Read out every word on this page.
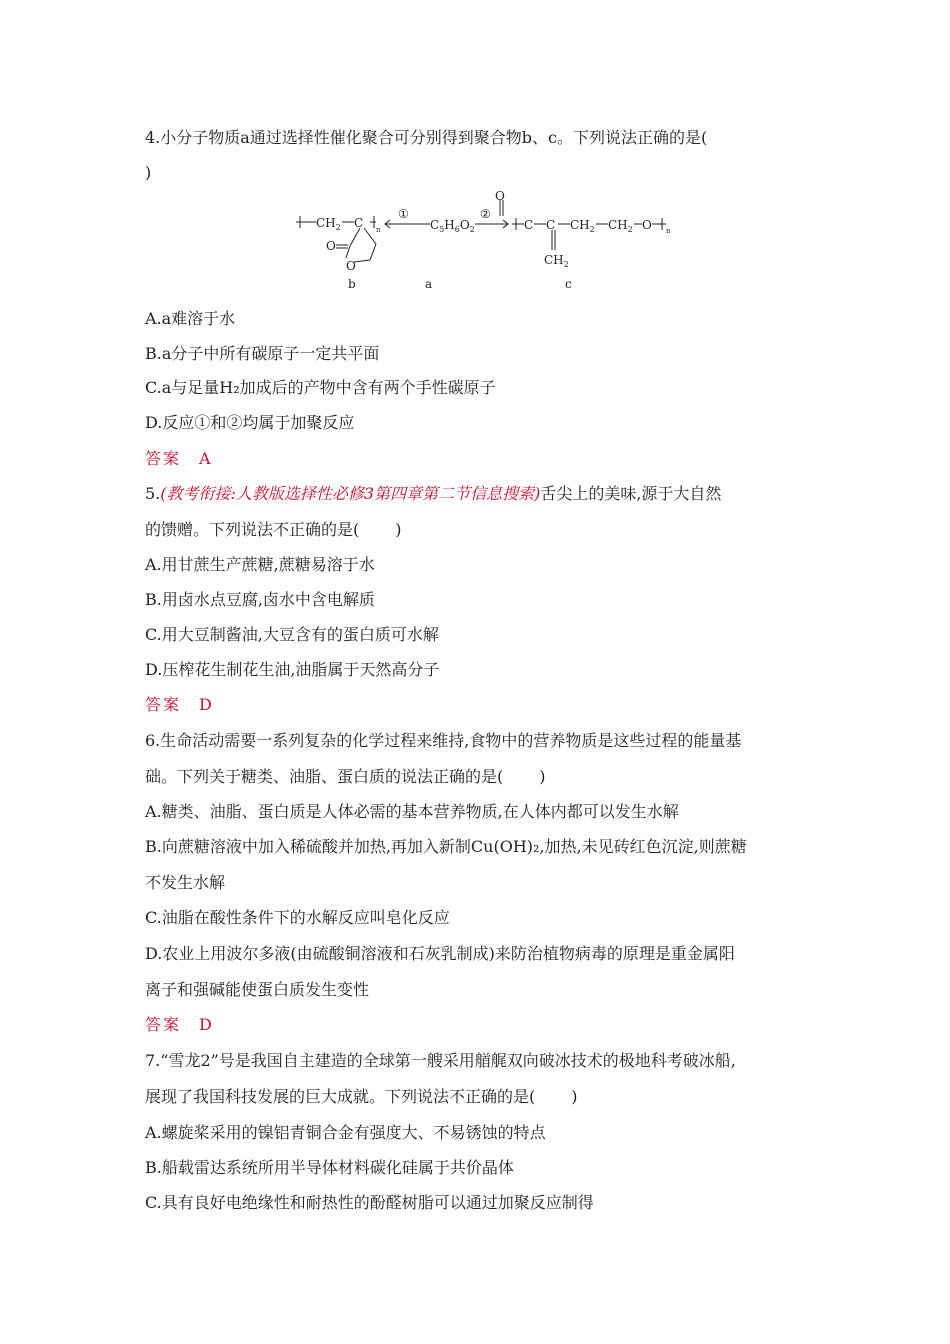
4.小分子物质a通过选择性催化聚合可分别得到聚合物b、c。下列说法正确的是(
)
$CH_2$ C n
O
O
①
$C_5H_6O_2$
②
O
C C $CH_2$ $CH_2$ O n
$CH_2$
b	a	c
A.a难溶于水
B.a分子中所有碳原子一定共平面
C.a与足量H₂加成后的产物中含有两个手性碳原子
D.反应①和②均属于加聚反应
答案 A
5.(教考衔接:人教版选择性必修3第四章第二节信息搜索)舌尖上的美味,源于大自然
的馈赠。下列说法不正确的是( )
A.用甘蔗生产蔗糖,蔗糖易溶于水
B.用卤水点豆腐,卤水中含电解质
C.用大豆制酱油,大豆含有的蛋白质可水解
D.压榨花生制花生油,油脂属于天然高分子
答案 D
6.生命活动需要一系列复杂的化学过程来维持,食物中的营养物质是这些过程的能量基
础。下列关于糖类、油脂、蛋白质的说法正确的是( )
A.糖类、油脂、蛋白质是人体必需的基本营养物质,在人体内都可以发生水解
B.向蔗糖溶液中加入稀硫酸并加热,再加入新制Cu(OH)₂,加热,未见砖红色沉淀,则蔗糖
不发生水解
C.油脂在酸性条件下的水解反应叫皂化反应
D.农业上用波尔多液(由硫酸铜溶液和石灰乳制成)来防治植物病毒的原理是重金属阳
离子和强碱能使蛋白质发生变性
答案 D
7.“雪龙2”号是我国自主建造的全球第一艘采用艏艉双向破冰技术的极地科考破冰船,
展现了我国科技发展的巨大成就。下列说法不正确的是( )
A.螺旋桨采用的镍铝青铜合金有强度大、不易锈蚀的特点
B.船载雷达系统所用半导体材料碳化硅属于共价晶体
C.具有良好电绝缘性和耐热性的酚醛树脂可以通过加聚反应制得
